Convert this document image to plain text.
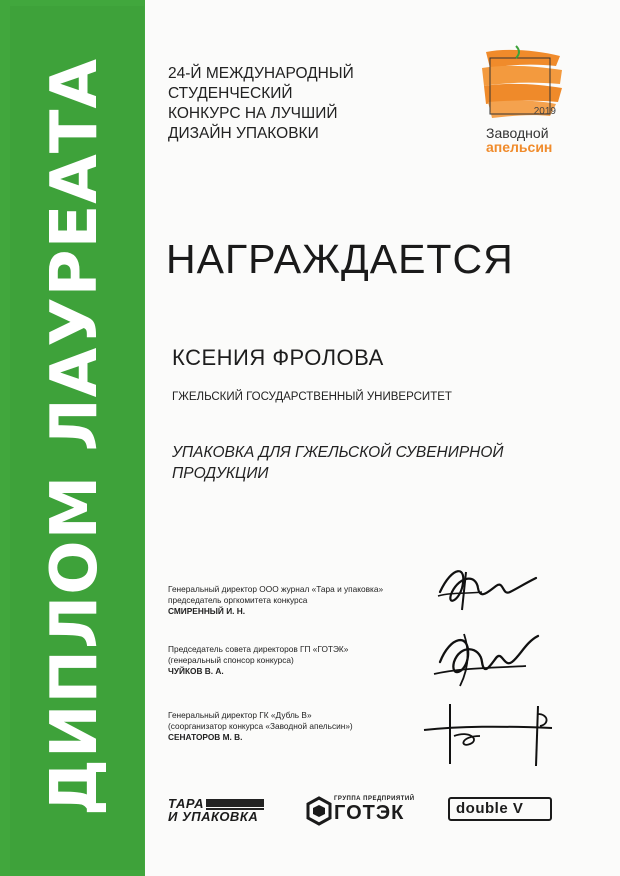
ДИПЛОМ ЛАУРЕАТА	24-Й МЕЖДУНАРОДНЫЙ
СТУДЕНЧЕСКИЙ
КОНКУРС НА ЛУЧШИЙ
ДИЗАЙН УПАКОВКИ
2019
Заводной
апельсин
НАГРАЖДАЕТСЯ
КСЕНИЯ ФРОЛОВА
ГЖЕЛЬСКИЙ ГОСУДАРСТВЕННЫЙ УНИВЕРСИТЕТ
УПАКОВКА ДЛЯ ГЖЕЛЬСКОЙ СУВЕНИРНОЙ
ПРОДУКЦИИ
Генеральный директор ООО журнал «Тара и упаковка»
председатель оргкомитета конкурса
СМИРЕННЫЙ И. Н.
Председатель совета директоров ГП «ГОТЭК»
(генеральный спонсор конкурса)
ЧУЙКОВ В. А.
Генеральный директор ГК «Дубль В»
(соорганизатор конкурса «Заводной апельсин»)
СЕНАТОРОВ М. В.
ТАРА
И УПАКОВКА
ГРУППА ПРЕДПРИЯТИЙ
ГОТЭК	double V
